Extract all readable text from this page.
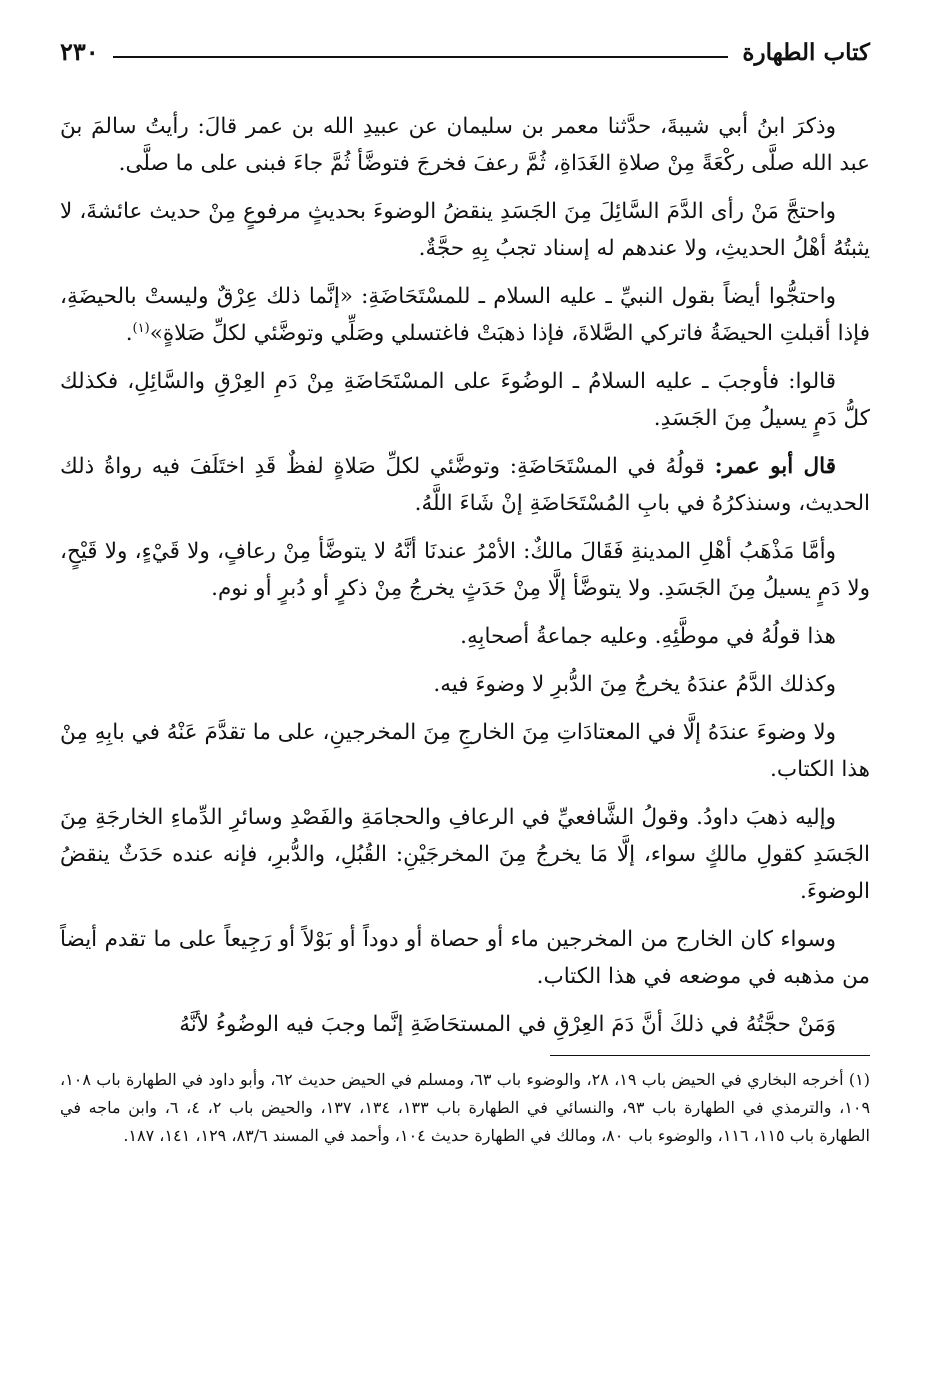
كتاب الطهارة
٢٣٠

وذكرَ ابنُ أبي شيبةَ، حدَّثنا معمر بن سليمان عن عبيدِ الله بن عمر قالَ: رأيتُ سالمَ بنَ عبد الله صلَّى ركْعَةً مِنْ صلاةِ الغَدَاةِ، ثُمَّ رعفَ فخرجَ فتوضَّأ ثُمَّ جاءَ فبنى على ما صلَّى.

واحتجَّ مَنْ رأى الدَّمَ السَّائِلَ مِنَ الجَسَدِ ينقضُ الوضوءَ بحديثٍ مرفوعٍ مِنْ حديث عائشةَ، لا يثبتُهُ أهْلُ الحديثِ، ولا عندهم له إسناد تجبُ بِهِ حجَّةٌ.

واحتجُّوا أيضاً بقول النبيِّ ـ عليه السلام ـ للمسْتَحَاضَةِ: «إنَّما ذلك عِرْقٌ وليستْ بالحيضَةِ، فإذا أقبلتِ الحيضَةُ فاتركي الصَّلاةَ، فإذا ذهبَتْ فاغتسلي وصَلِّي وتوضَّئي لكلِّ صَلاةٍ»$^{(١)}$.

قالوا: فأوجبَ ـ عليه السلامُ ـ الوضُوءَ على المسْتَحَاضَةِ مِنْ دَمِ العِرْقِ والسَّائِلِ، فكذلك كلُّ دَمٍ يسيلُ مِنَ الجَسَدِ.

قال أبو عمر: قولُهُ في المسْتَحَاضَةِ: وتوضَّئي لكلِّ صَلاةٍ لفظٌ قَدِ اختَلَفَ فيه رواةُ ذلك الحديث، وسنذكرُهُ في بابِ المُسْتَحَاضَةِ إنْ شَاءَ اللَّهُ.

وأمَّا مَذْهَبُ أهْلِ المدينةِ فَقَالَ مالكٌ: الأمْرُ عندنَا أنَّهُ لا يتوضَّأ مِنْ رعافٍ، ولا قَيْءٍ، ولا قَيْحٍ، ولا دَمٍ يسيلُ مِنَ الجَسَدِ. ولا يتوضَّأ إلَّا مِنْ حَدَثٍ يخرجُ مِنْ ذكرٍ أو دُبرٍ أو نوم.

هذا قولُهُ في موطَّئِهِ. وعليه جماعةُ أصحابِهِ.

وكذلك الدَّمُ عندَهُ يخرجُ مِنَ الدُّبرِ لا وضوءَ فيه.

ولا وضوءَ عندَهُ إلَّا في المعتادَاتِ مِنَ الخارجِ مِنَ المخرجينِ، على ما تقدَّمَ عَنْهُ في بابِهِ مِنْ هذا الكتاب.

وإليه ذهبَ داودُ. وقولُ الشَّافعيِّ في الرعافِ والحجامَةِ والفَصْدِ وسائرِ الدِّماءِ الخارجَةِ مِنَ الجَسَدِ كقولِ مالكٍ سواء، إلَّا مَا يخرجُ مِنَ المخرجَيْنِ: القُبُلِ، والدُّبرِ، فإنه عنده حَدَثٌ ينقضُ الوضوءَ.

وسواء كان الخارج من المخرجين ماء أو حصاة أو دوداً أو بَوْلاً أو رَجِيعاً على ما تقدم أيضاً من مذهبه في موضعه في هذا الكتاب.

وَمَنْ حجَّتُهُ في ذلكَ أنَّ دَمَ العِرْقِ في المستحَاضَةِ إنَّما وجبَ فيه الوضُوءُ لأنَّهُ

(١) أخرجه البخاري في الحيض باب ١٩، ٢٨، والوضوء باب ٦٣، ومسلم في الحيض حديث ٦٢، وأبو داود في الطهارة باب ١٠٨، ١٠٩، والترمذي في الطهارة باب ٩٣، والنسائي في الطهارة باب ١٣٣، ١٣٤، ١٣٧، والحيض باب ٢، ٤، ٦، وابن ماجه في الطهارة باب ١١٥، ١١٦، والوضوء باب ٨٠، ومالك في الطهارة حديث ١٠٤، وأحمد في المسند ٨٣/٦، ١٢٩، ١٤١، ١٨٧.
